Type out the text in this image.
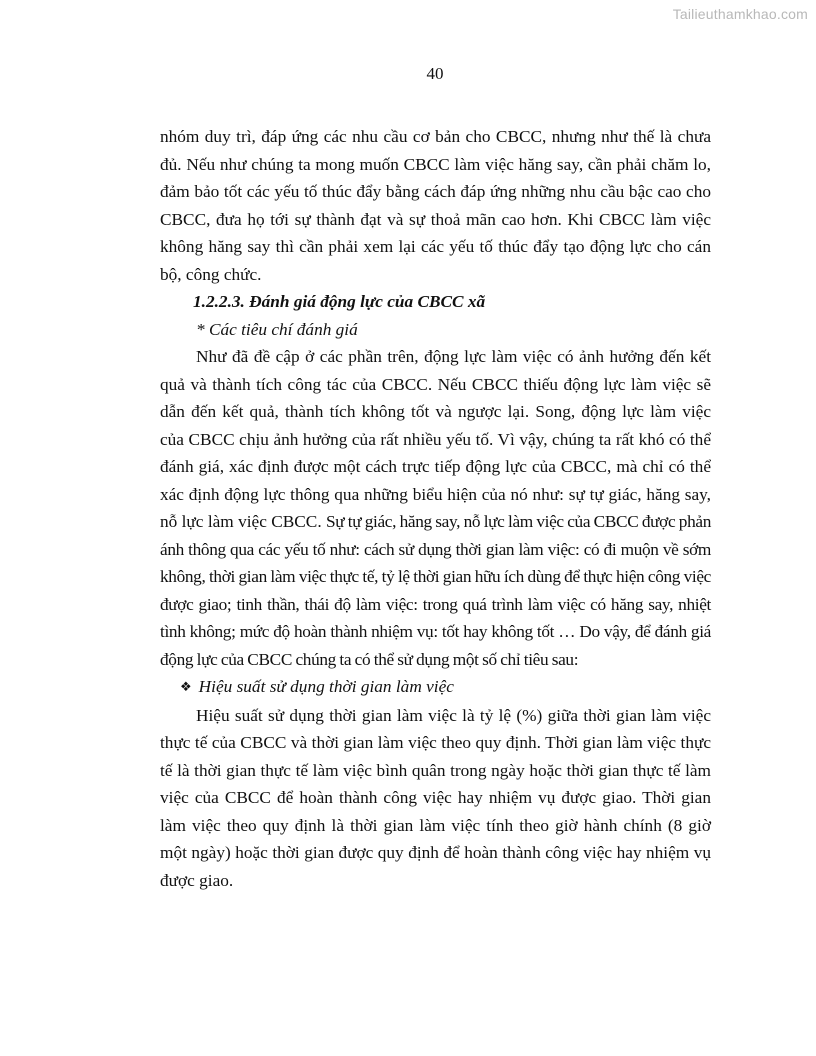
Tailieuthamkhao.com
40

nhóm duy trì, đáp ứng các nhu cầu cơ bản cho CBCC, nhưng như thế là chưa đủ. Nếu như chúng ta mong muốn CBCC làm việc hăng say, cần phải chăm lo, đảm bảo tốt các yếu tố thúc đẩy bằng cách đáp ứng những nhu cầu bậc cao cho CBCC, đưa họ tới sự thành đạt và sự thoả mãn cao hơn. Khi CBCC làm việc không hăng say thì cần phải xem lại các yếu tố thúc đẩy tạo động lực cho cán bộ, công chức.

1.2.2.3. Đánh giá động lực của CBCC xã

* Các tiêu chí đánh giá

Như đã đề cập ở các phần trên, động lực làm việc có ảnh hưởng đến kết quả và thành tích công tác của CBCC. Nếu CBCC thiếu động lực làm việc sẽ dẫn đến kết quả, thành tích không tốt và ngược lại. Song, động lực làm việc của CBCC chịu ảnh hưởng của rất nhiều yếu tố. Vì vậy, chúng ta rất khó có thể đánh giá, xác định được một cách trực tiếp động lực của CBCC, mà chỉ có thể xác định động lực thông qua những biểu hiện của nó như: sự tự giác, hăng say, nỗ lực làm việc CBCC. Sự tự giác, hăng say, nỗ lực làm việc của CBCC được phản ánh thông qua các yếu tố như: cách sử dụng thời gian làm việc: có đi muộn về sớm không, thời gian làm việc thực tế, tỷ lệ thời gian hữu ích dùng để thực hiện công việc được giao; tinh thần, thái độ làm việc: trong quá trình làm việc có hăng say, nhiệt tình không; mức độ hoàn thành nhiệm vụ: tốt hay không tốt … Do vậy, để đánh giá động lực của CBCC chúng ta có thể sử dụng một số chỉ tiêu sau:

❖ Hiệu suất sử dụng thời gian làm việc

Hiệu suất sử dụng thời gian làm việc là tỷ lệ (%) giữa thời gian làm việc thực tế của CBCC và thời gian làm việc theo quy định. Thời gian làm việc thực tế là thời gian thực tế làm việc bình quân trong ngày hoặc thời gian thực tế làm việc của CBCC để hoàn thành công việc hay nhiệm vụ được giao. Thời gian làm việc theo quy định là thời gian làm việc tính theo giờ hành chính (8 giờ một ngày) hoặc thời gian được quy định để hoàn thành công việc hay nhiệm vụ được giao.
